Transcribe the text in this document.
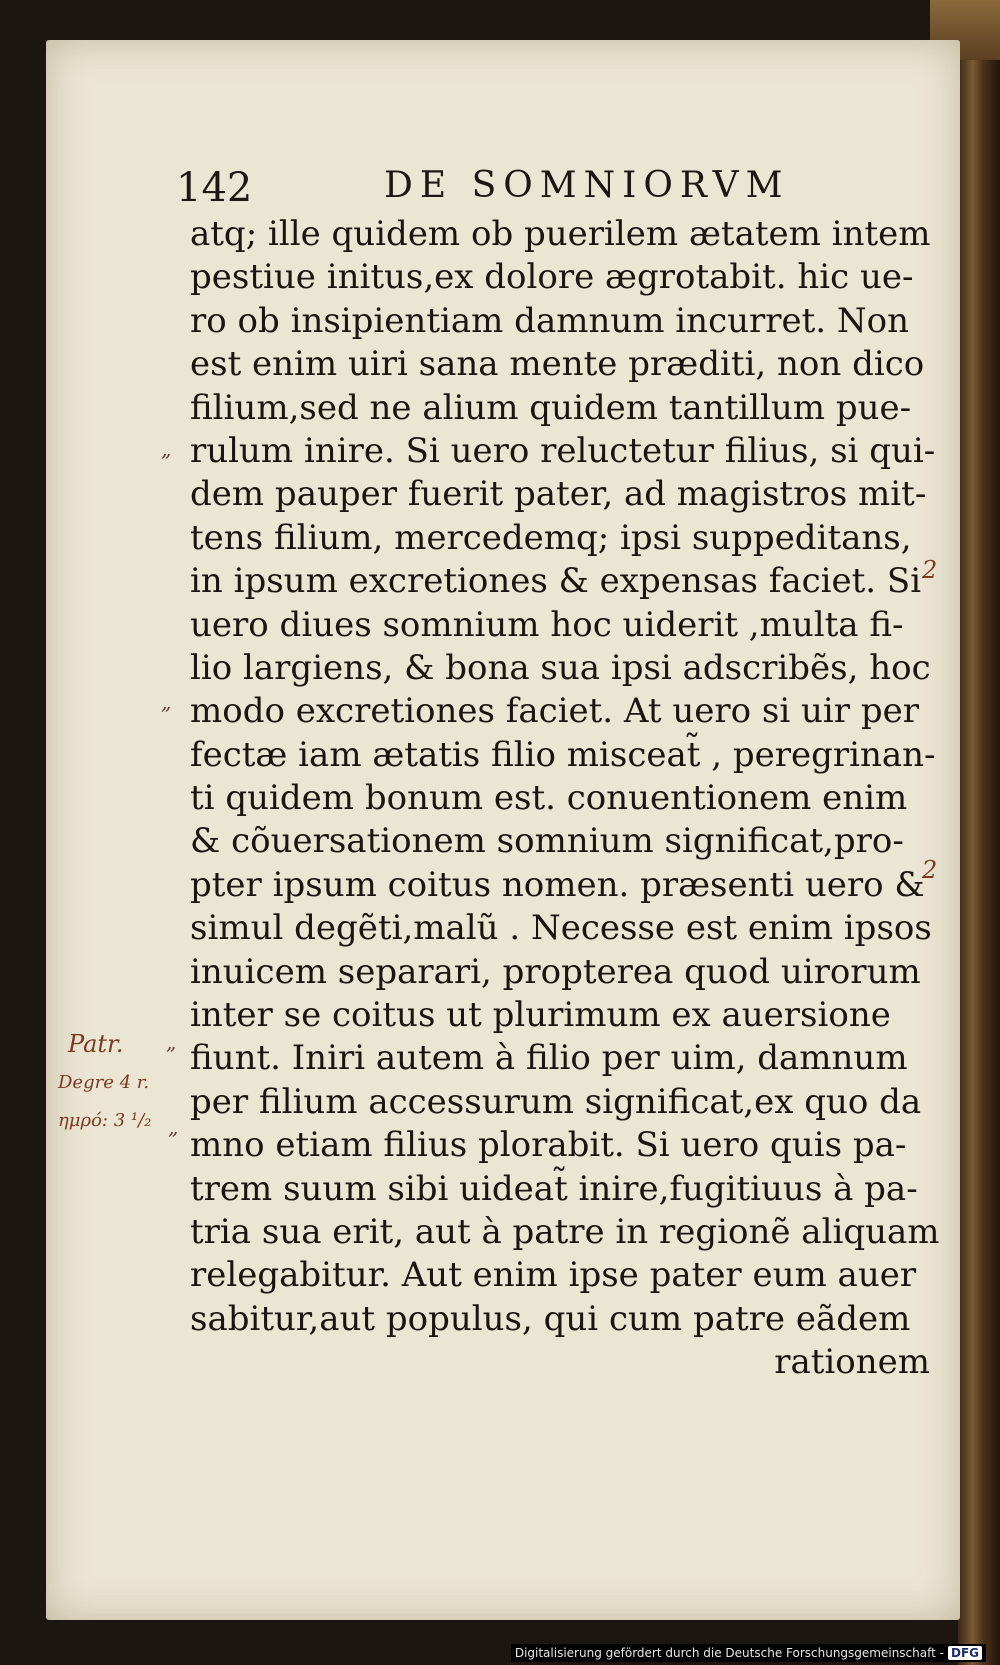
142	DE SOMNIORVM
atq; ille quidem ob puerilem ætatem intem
pestiue initus,ex dolore ægrotabit. hic ue-
ro ob insipientiam damnum incurret. Non
est enim uiri sana mente præditi, non dico
filium,sed ne alium quidem tantillum pue-
rulum inire. Si uero reluctetur filius, si qui-
dem pauper fuerit pater, ad magistros mit-
tens filium, mercedemq; ipsi suppeditans,
in ipsum excretiones & expensas faciet. Si
uero diues somnium hoc uiderit ,multa fi-
lio largiens, & bona sua ipsi adscribẽs, hoc
modo excretiones faciet. At uero si uir per
fectæ iam ætatis filio misceat̃ , peregrinan-
ti quidem bonum est. conuentionem enim
& cõuersationem somnium significat,pro-
pter ipsum coitus nomen. præsenti uero &
simul degẽti,malũ . Necesse est enim ipsos
inuicem separari, propterea quod uirorum
inter se coitus ut plurimum ex auersione
fiunt. Iniri autem à filio per uim, damnum
per filium accessurum significat,ex quo da
mno etiam filius plorabit. Si uero quis pa-
trem suum sibi uideat̃ inire,fugitiuus à pa-
tria sua erit, aut à patre in regionẽ aliquam
relegabitur. Aut enim ipse pater eum auer
sabitur,aut populus, qui cum patre eãdem
rationem
„
„
„
„
2
2
Patr.
Degre 4 r.
ημρό: 3 ¹/₂
Digitalisierung gefördert durch die Deutsche Forschungsgemeinschaft - DFG
